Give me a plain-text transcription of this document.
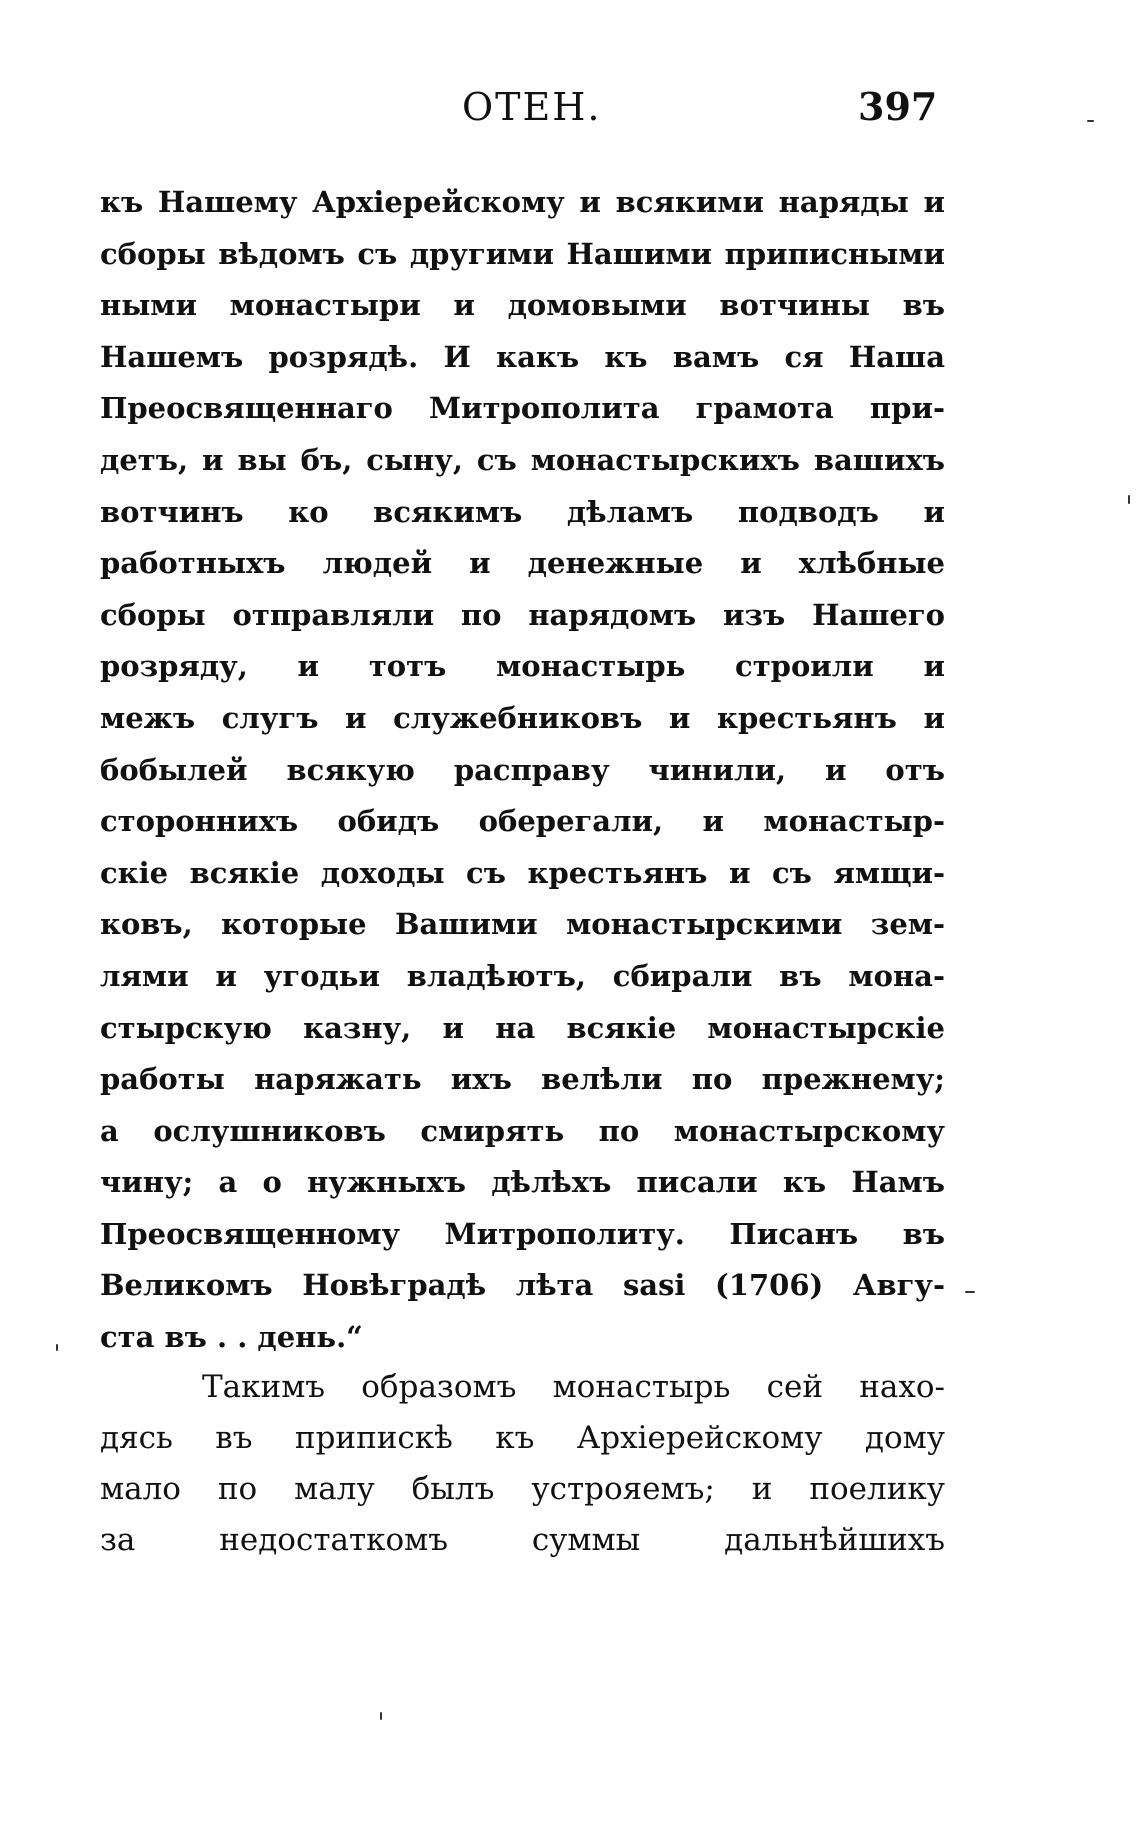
ОТЕН.	397
къ Нашему Архіерейскому и всякими наряды и
сборы вѣдомъ съ другими Нашими приписными
ными монастыри и домовыми вотчины въ
Нашемъ розрядѣ. И какъ къ вамъ ся Наша
Преосвященнаго Митрополита грамота при-
детъ, и вы бъ, сыну, съ монастырскихъ вашихъ
вотчинъ ко всякимъ дѣламъ подводъ и
работныхъ людей и денежные и хлѣбные
сборы отправляли по нарядомъ изъ Нашего
розряду, и тотъ монастырь строили и
межъ слугъ и служебниковъ и крестьянъ и
бобылей всякую расправу чинили, и отъ
стороннихъ обидъ оберегали, и монастыр-
скіе всякіе доходы съ крестьянъ и съ ямщи-
ковъ, которые Вашими монастырскими зем-
лями и угодьи владѣютъ, сбирали въ мона-
стырскую казну, и на всякіе монастырскіе
работы наряжать ихъ велѣли по прежнему;
а ослушниковъ смирять по монастырскому
чину; а о нужныхъ дѣлѣхъ писали къ Намъ
Преосвященному Митрополиту. Писанъ въ
Великомъ Новѣградѣ лѣта ѕаѕі (1706) Авгу-
ста въ . . день.“
Такимъ образомъ монастырь сей нахо-
дясь въ припискѣ къ Архіерейскому дому
мало по малу былъ устрояемъ; и поелику
за недостаткомъ суммы дальнѣйшихъ
